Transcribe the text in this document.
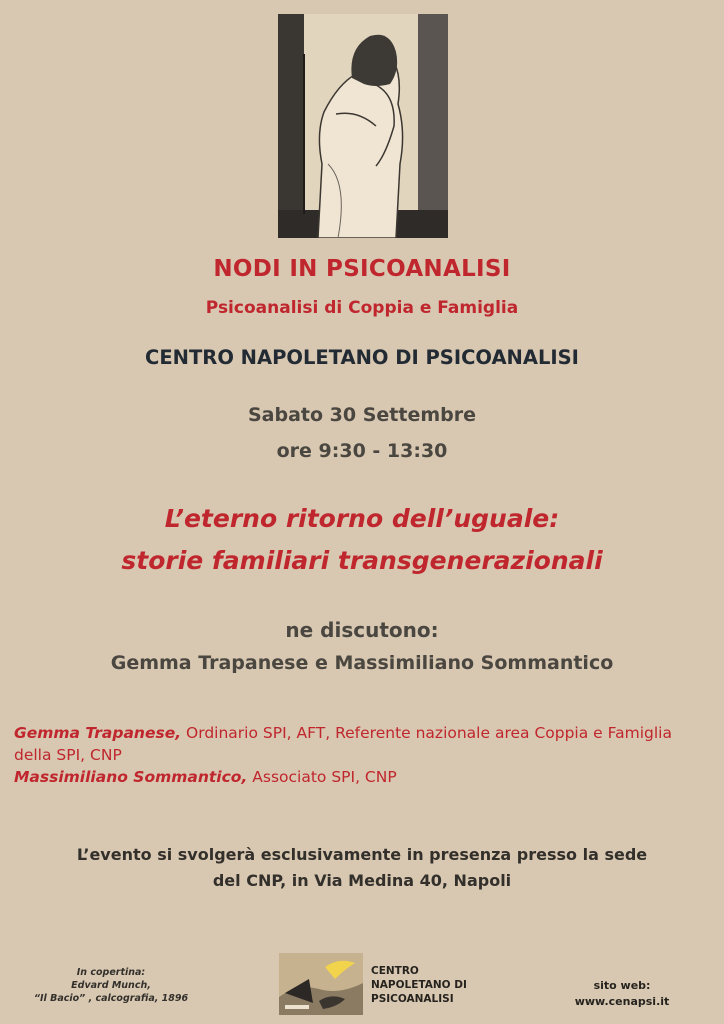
NODI IN PSICOANALISI
Psicoanalisi di Coppia e Famiglia
CENTRO NAPOLETANO DI PSICOANALISI
Sabato 30 Settembre
ore 9:30 - 13:30
L’eterno ritorno dell’uguale:
storie familiari transgenerazionali
ne discutono:
Gemma Trapanese e Massimiliano Sommantico
Gemma Trapanese, Ordinario SPI, AFT, Referente nazionale area Coppia e Famiglia della SPI, CNP
Massimiliano Sommantico, Associato SPI, CNP
L’evento si svolgerà esclusivamente in presenza presso la sede
del CNP, in Via Medina 40, Napoli
In copertina:
Edvard Munch,
“Il Bacio” , calcografia, 1896
CENTRO
NAPOLETANO DI
PSICOANALISI
sito web:
www.cenapsi.it
